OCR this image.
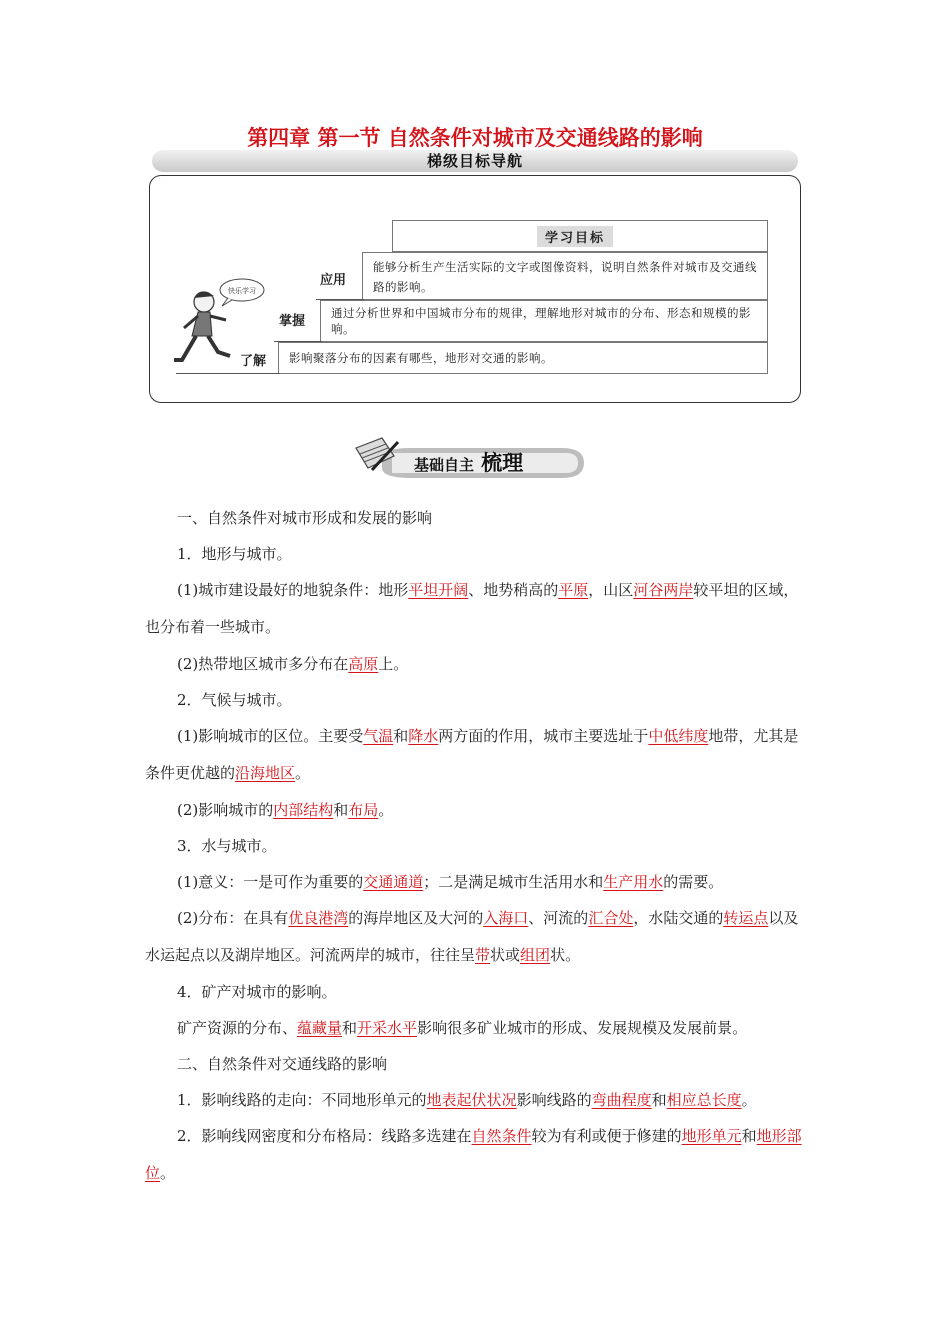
第四章 第一节 自然条件对城市及交通线路的影响
梯级目标导航
学习目标
能够分析生产生活实际的文字或图像资料，说明自然条件对城市及交通线路的影响。
通过分析世界和中国城市分布的规律，理解地形对城市的分布、形态和规模的影响。
影响聚落分布的因素有哪些，地形对交通的影响。
应用
掌握
了解
快乐学习
基础自主 梳理

一、自然条件对城市形成和发展的影响

1．地形与城市。

(1)城市建设最好的地貌条件：地形平坦开阔、地势稍高的平原，山区河谷两岸较平坦的区域，也分布着一些城市。

(2)热带地区城市多分布在高原上。

2．气候与城市。

(1)影响城市的区位。主要受气温和降水两方面的作用，城市主要选址于中低纬度地带，尤其是条件更优越的沿海地区。

(2)影响城市的内部结构和布局。

3．水与城市。

(1)意义：一是可作为重要的交通通道；二是满足城市生活用水和生产用水的需要。

(2)分布：在具有优良港湾的海岸地区及大河的入海口、河流的汇合处，水陆交通的转运点以及水运起点以及湖岸地区。河流两岸的城市，往往呈带状或组团状。

4．矿产对城市的影响。

矿产资源的分布、蕴藏量和开采水平影响很多矿业城市的形成、发展规模及发展前景。

二、自然条件对交通线路的影响

1．影响线路的走向：不同地形单元的地表起伏状况影响线路的弯曲程度和相应总长度。

2．影响线网密度和分布格局：线路多选建在自然条件较为有利或便于修建的地形单元和地形部位。
